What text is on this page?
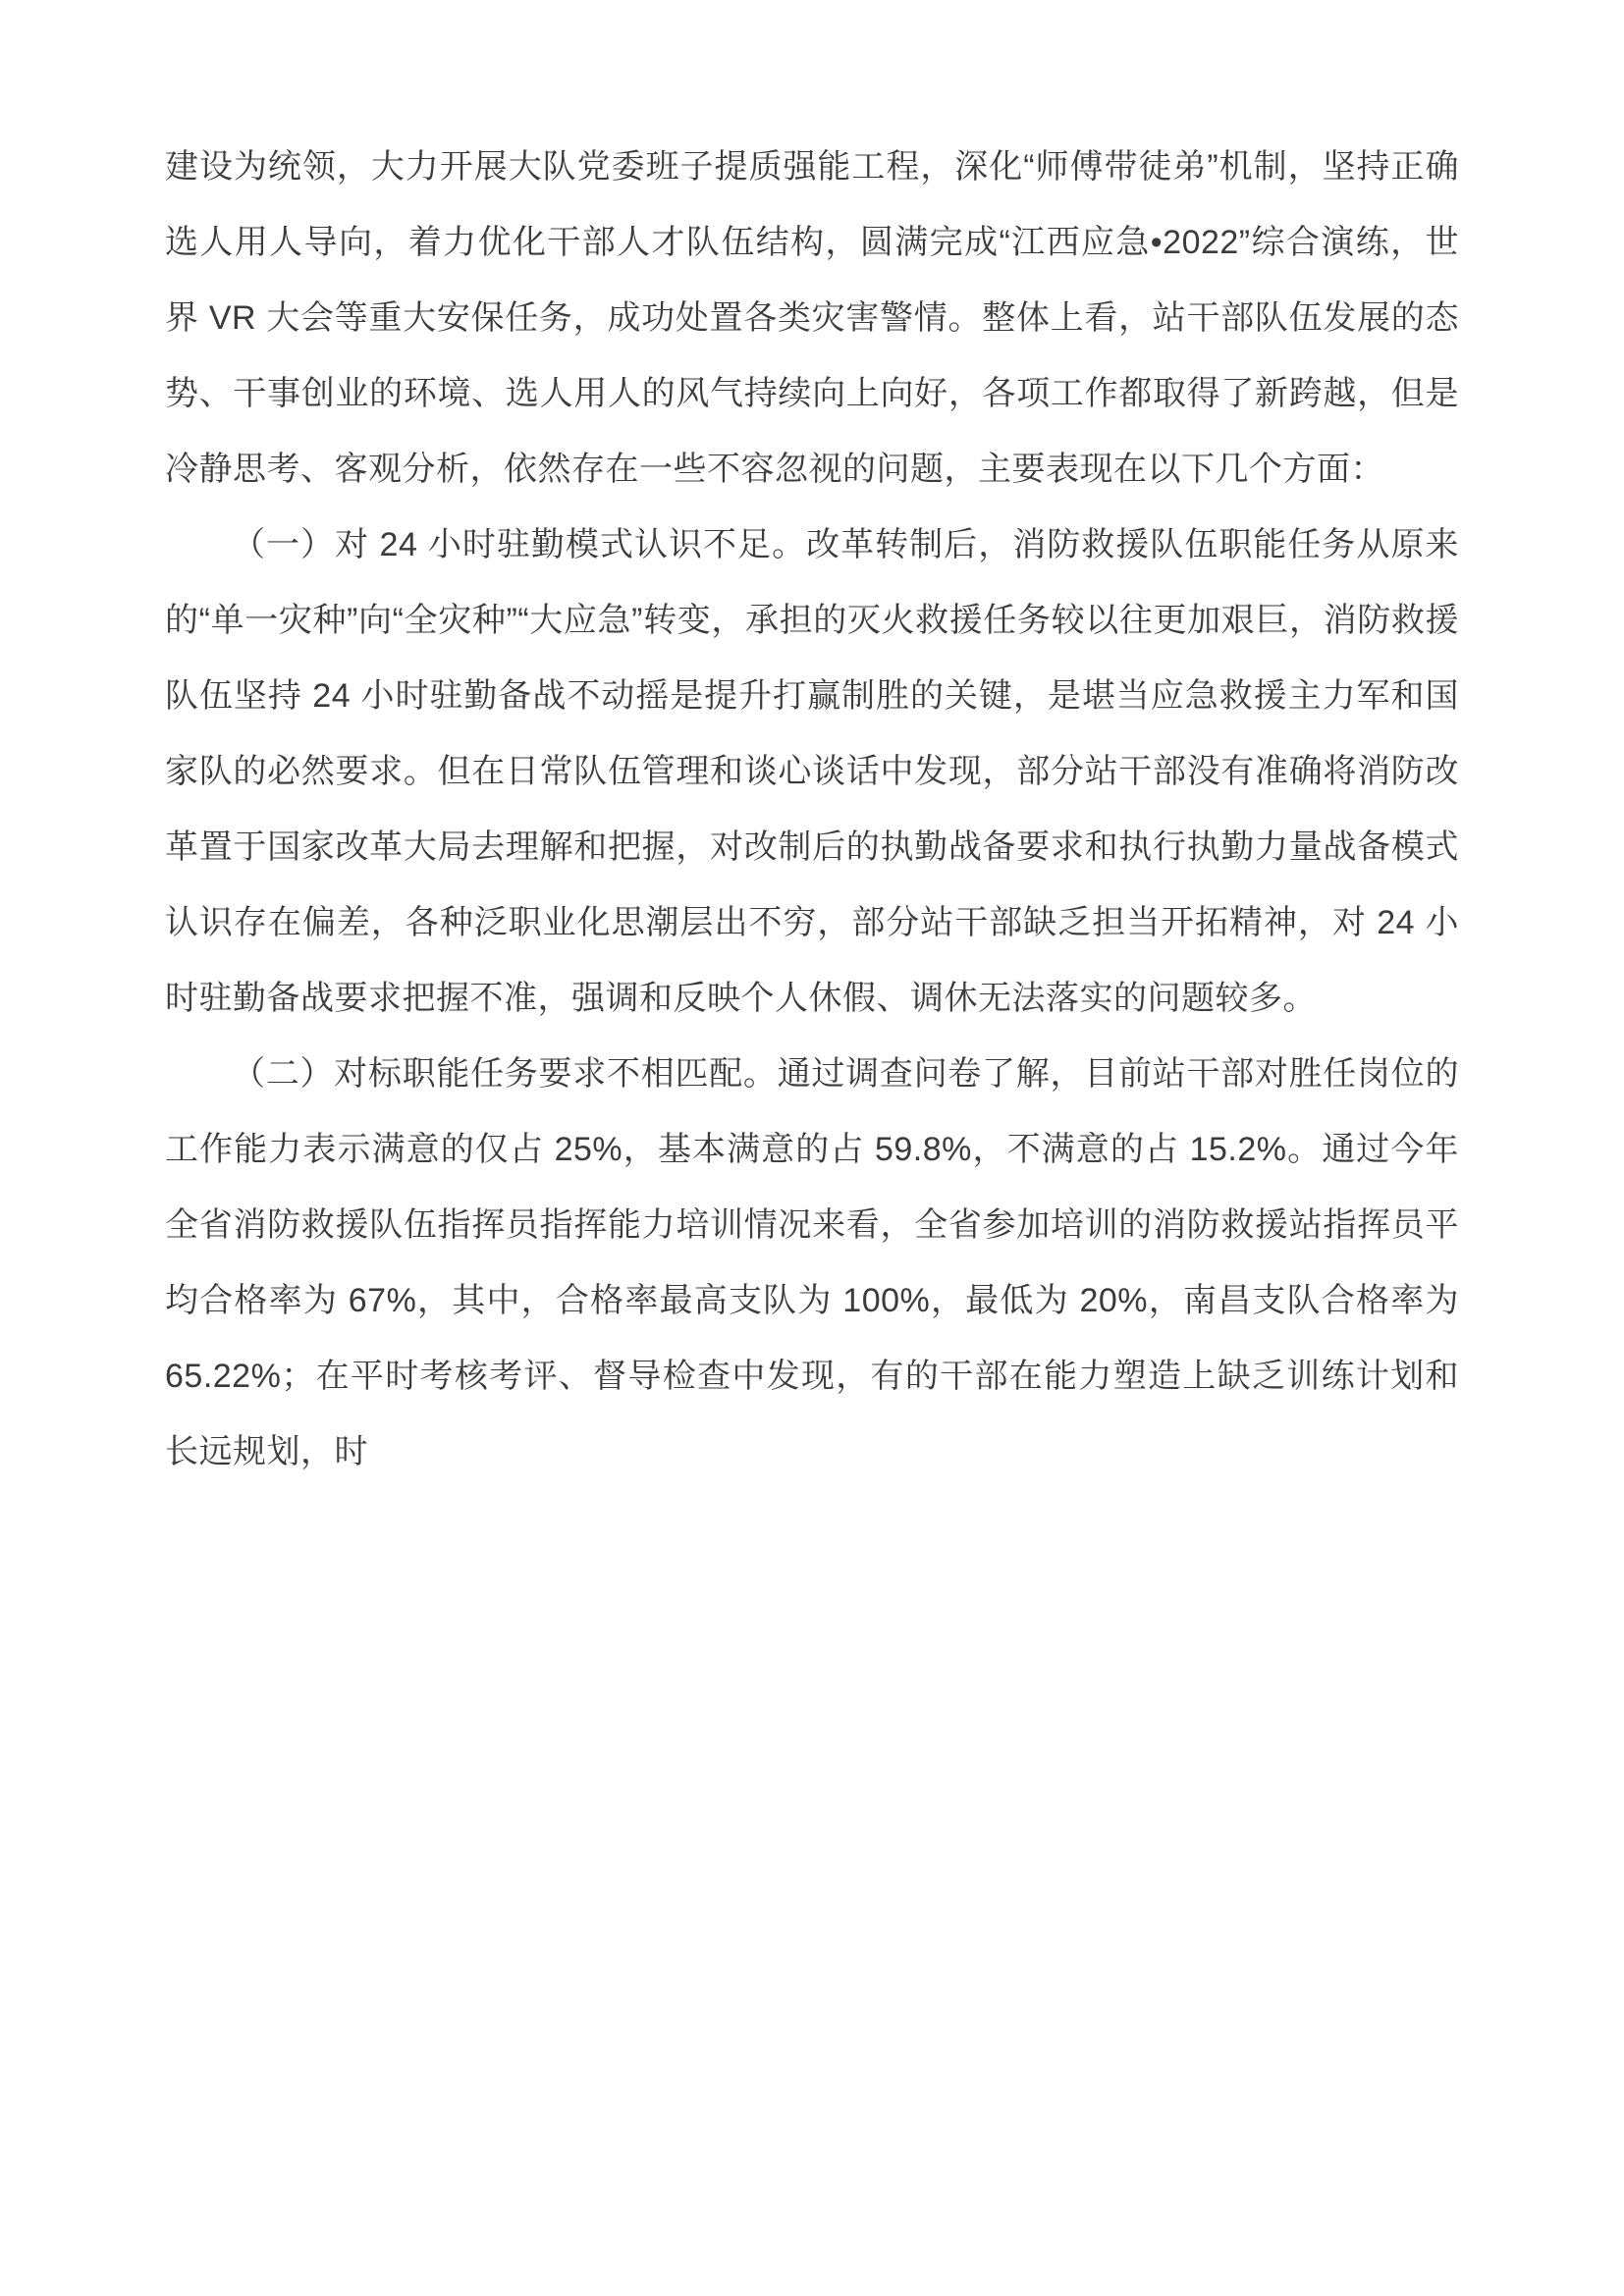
建设为统领，大力开展大队党委班子提质强能工程，深化“师傅带徒弟”机制，坚持正确选人用人导向，着力优化干部人才队伍结构，圆满完成“江西应急•2022”综合演练，世界 VR 大会等重大安保任务，成功处置各类灾害警情。整体上看，站干部队伍发展的态势、干事创业的环境、选人用人的风气持续向上向好，各项工作都取得了新跨越，但是冷静思考、客观分析，依然存在一些不容忽视的问题，主要表现在以下几个方面：

（一）对 24 小时驻勤模式认识不足。改革转制后，消防救援队伍职能任务从原来的“单一灾种”向“全灾种”“大应急”转变，承担的灭火救援任务较以往更加艰巨，消防救援队伍坚持 24 小时驻勤备战不动摇是提升打赢制胜的关键，是堪当应急救援主力军和国家队的必然要求。但在日常队伍管理和谈心谈话中发现，部分站干部没有准确将消防改革置于国家改革大局去理解和把握，对改制后的执勤战备要求和执行执勤力量战备模式认识存在偏差，各种泛职业化思潮层出不穷，部分站干部缺乏担当开拓精神，对 24 小时驻勤备战要求把握不准，强调和反映个人休假、调休无法落实的问题较多。

（二）对标职能任务要求不相匹配。通过调查问卷了解，目前站干部对胜任岗位的工作能力表示满意的仅占 25%，基本满意的占 59.8%，不满意的占 15.2%。通过今年全省消防救援队伍指挥员指挥能力培训情况来看，全省参加培训的消防救援站指挥员平均合格率为 67%，其中，合格率最高支队为 100%，最低为 20%，南昌支队合格率为 65.22%；在平时考核考评、督导检查中发现，有的干部在能力塑造上缺乏训练计划和长远规划，时
